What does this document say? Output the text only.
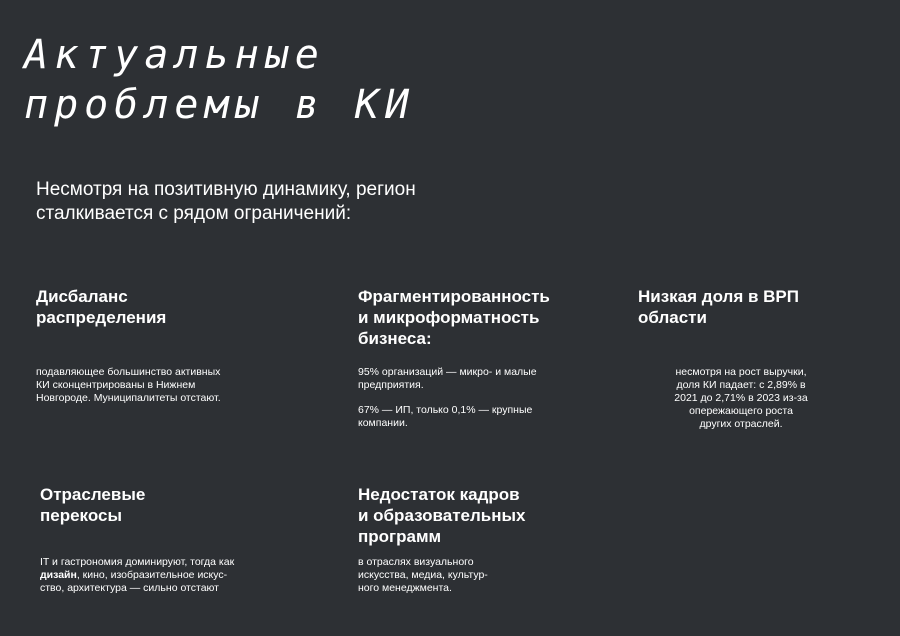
Актуальные
проблемы в КИ

Несмотря на позитивную динамику, регион
сталкивается с рядом ограничений:

Дисбаланс
распределения

подавляющее большинство активных
КИ сконцентрированы в Нижнем
Новгороде. Муниципалитеты отстают.

Фрагментированность
и микроформатность
бизнеса:

95% организаций — микро- и малые
предприятия.

67% — ИП, только 0,1% — крупные
компании.

Низкая доля в ВРП
области

несмотря на рост выручки,
доля КИ падает: с 2,89% в
2021 до 2,71% в 2023 из-за
опережающего роста
других отраслей.

Отраслевые
перекосы

IT и гастрономия доминируют, тогда как
дизайн, кино, изобразительное искус-
ство, архитектура — сильно отстают

Недостаток кадров
и образовательных
программ

в отраслях визуального
искусства, медиа, культур-
ного менеджмента.
